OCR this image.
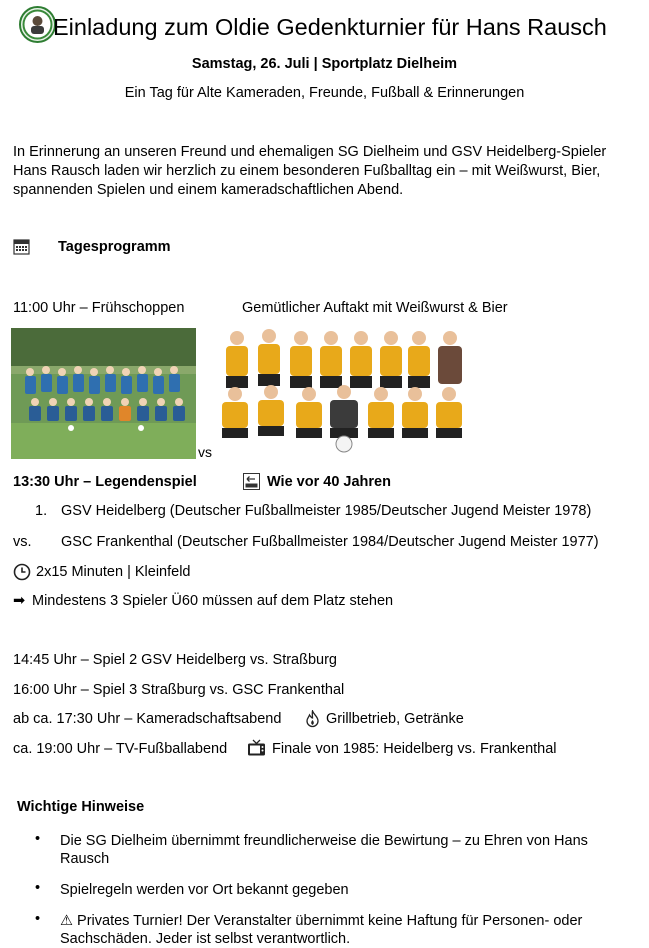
Einladung zum Oldie Gedenkturnier für Hans Rausch
Samstag, 26. Juli | Sportplatz Dielheim
Ein Tag für Alte Kameraden, Freunde, Fußball & Erinnerungen
In Erinnerung an unseren Freund und ehemaligen SG Dielheim und GSV Heidelberg-Spieler Hans Rausch laden wir herzlich zu einem besonderen Fußballtag ein – mit Weißwurst, Bier, spannenden Spielen und einem kameradschaftlichen Abend.
Tagesprogramm
11:00 Uhr – Frühschoppen	Gemütlicher Auftakt mit Weißwurst & Bier
vs
13:30 Uhr – Legendenspiel	Wie vor 40 Jahren
1. GSV Heidelberg (Deutscher Fußballmeister 1985/Deutscher Jugend Meister 1978)
vs. GSC Frankenthal (Deutscher Fußballmeister 1984/Deutscher Jugend Meister 1977)
2x15 Minuten | Kleinfeld
➡ Mindestens 3 Spieler Ü60 müssen auf dem Platz stehen
14:45 Uhr – Spiel 2 GSV Heidelberg vs. Straßburg
16:00 Uhr – Spiel 3 Straßburg vs. GSC Frankenthal
ab ca. 17:30 Uhr – Kameradschaftsabend	Grillbetrieb, Getränke
ca. 19:00 Uhr – TV-Fußballabend	Finale von 1985: Heidelberg vs. Frankenthal
Wichtige Hinweise
• Die SG Dielheim übernimmt freundlicherweise die Bewirtung – zu Ehren von Hans Rausch
• Spielregeln werden vor Ort bekannt gegeben
• ⚠ Privates Turnier! Der Veranstalter übernimmt keine Haftung für Personen- oder Sachschäden. Jeder ist selbst verantwortlich.
